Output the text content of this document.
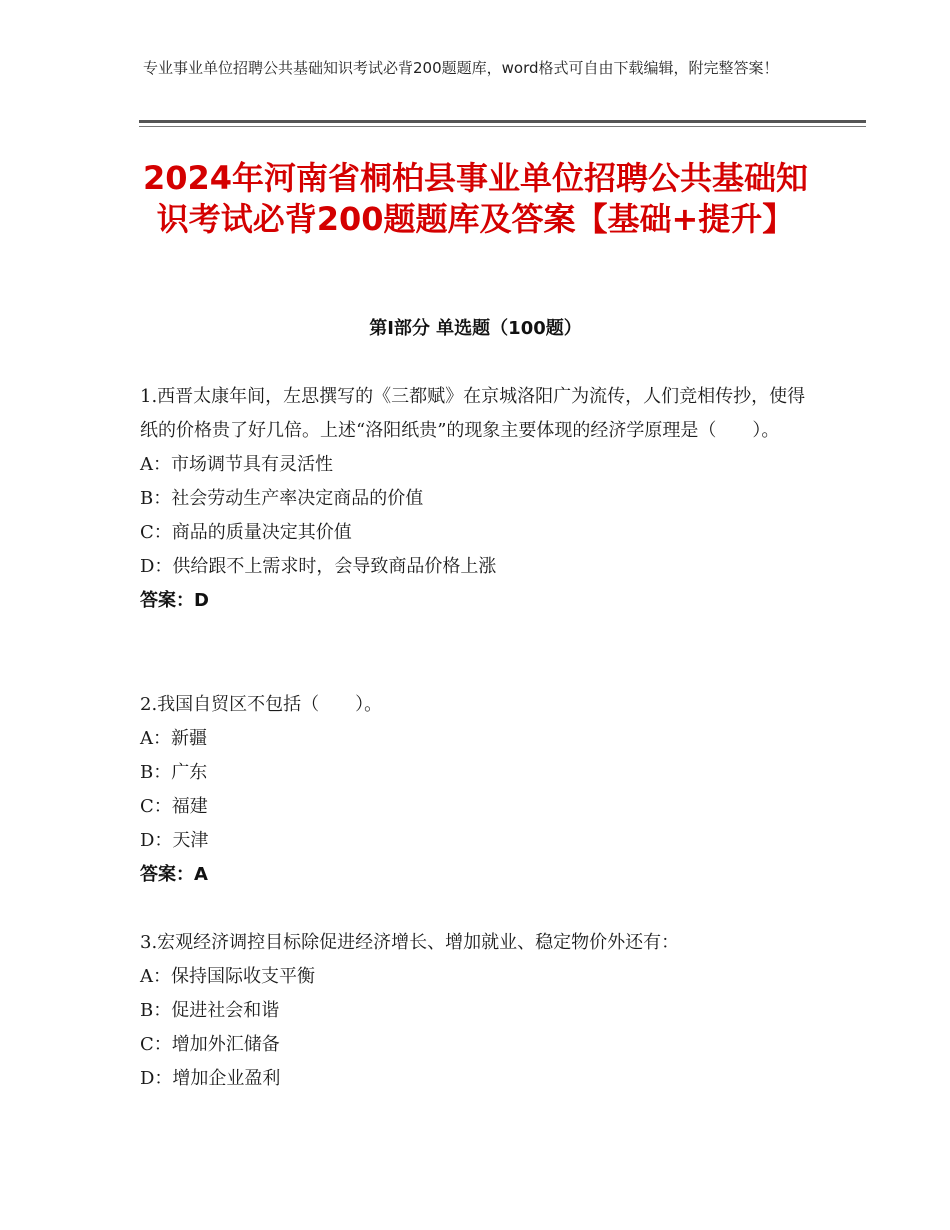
专业事业单位招聘公共基础知识考试必背200题题库，word格式可自由下载编辑，附完整答案！
2024年河南省桐柏县事业单位招聘公共基础知识考试必背200题题库及答案【基础+提升】
第Ⅰ部分 单选题（100题）
1.西晋太康年间，左思撰写的《三都赋》在京城洛阳广为流传，人们竞相传抄，使得纸的价格贵了好几倍。上述“洛阳纸贵”的现象主要体现的经济学原理是（　　）。
A：市场调节具有灵活性
B：社会劳动生产率决定商品的价值
C：商品的质量决定其价值
D：供给跟不上需求时，会导致商品价格上涨
答案：D
2.我国自贸区不包括（　　）。
A：新疆
B：广东
C：福建
D：天津
答案：A
3.宏观经济调控目标除促进经济增长、增加就业、稳定物价外还有：
A：保持国际收支平衡
B：促进社会和谐
C：增加外汇储备
D：增加企业盈利
